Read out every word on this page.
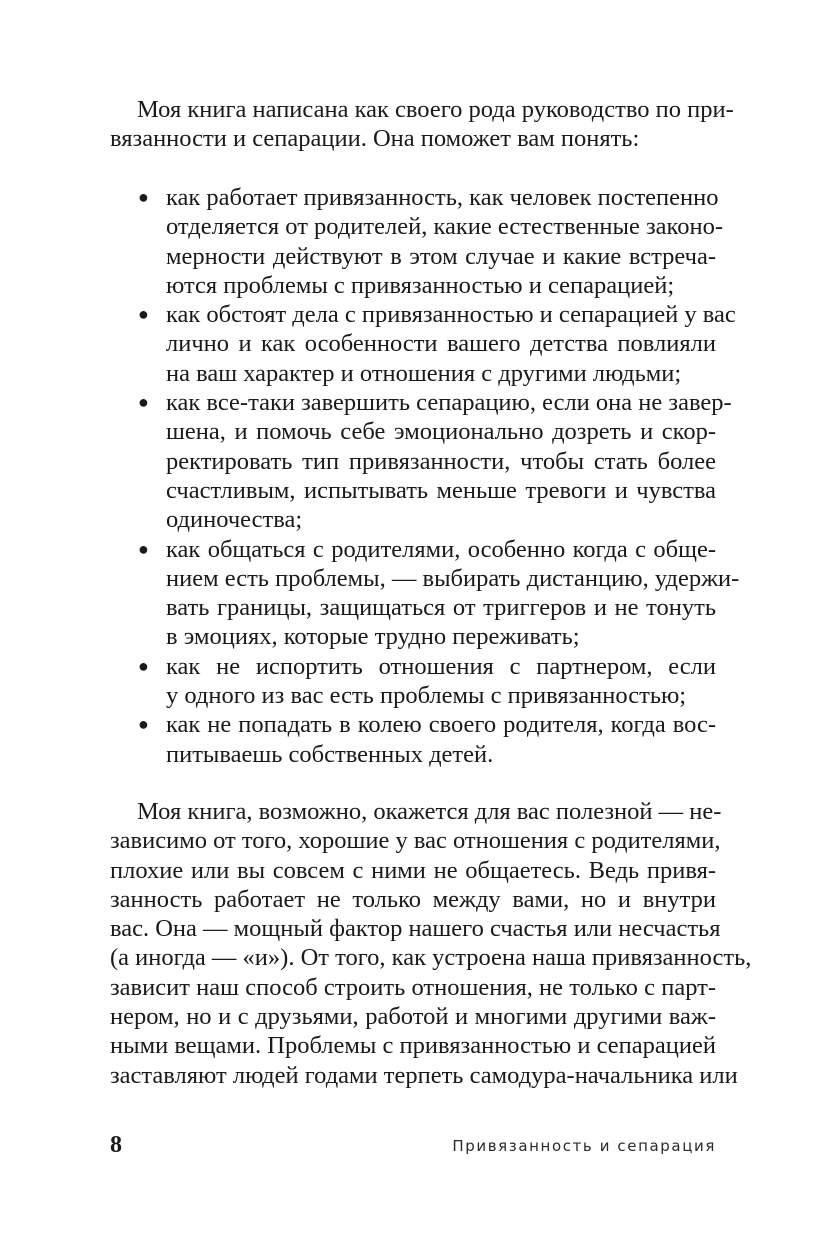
Моя книга написана как своего рода руководство по при-
вязанности и сепарации. Она поможет вам понять:
● как работает привязанность, как человек постепенно
отделяется от родителей, какие естественные законо-
мерности действуют в этом случае и какие встреча-
ются проблемы с привязанностью и сепарацией;
● как обстоят дела с привязанностью и сепарацией у вас
лично и как особенности вашего детства повлияли
на ваш характер и отношения с другими людьми;
● как все-таки завершить сепарацию, если она не завер-
шена, и помочь себе эмоционально дозреть и скор-
ректировать тип привязанности, чтобы стать более
счастливым, испытывать меньше тревоги и чувства
одиночества;
● как общаться с родителями, особенно когда с обще-
нием есть проблемы, — выбирать дистанцию, удержи-
вать границы, защищаться от триггеров и не тонуть
в эмоциях, которые трудно переживать;
● как не испортить отношения с партнером, если
у одного из вас есть проблемы с привязанностью;
● как не попадать в колею своего родителя, когда вос-
питываешь собственных детей.
Моя книга, возможно, окажется для вас полезной — не-
зависимо от того, хорошие у вас отношения с родителями,
плохие или вы совсем с ними не общаетесь. Ведь привя-
занность работает не только между вами, но и внутри
вас. Она — мощный фактор нашего счастья или несчастья
(а иногда — «и»). От того, как устроена наша привязанность,
зависит наш способ строить отношения, не только с парт-
нером, но и с друзьями, работой и многими другими важ-
ными вещами. Проблемы с привязанностью и сепарацией
заставляют людей годами терпеть самодура-начальника или
8	Привязанность и сепарация
